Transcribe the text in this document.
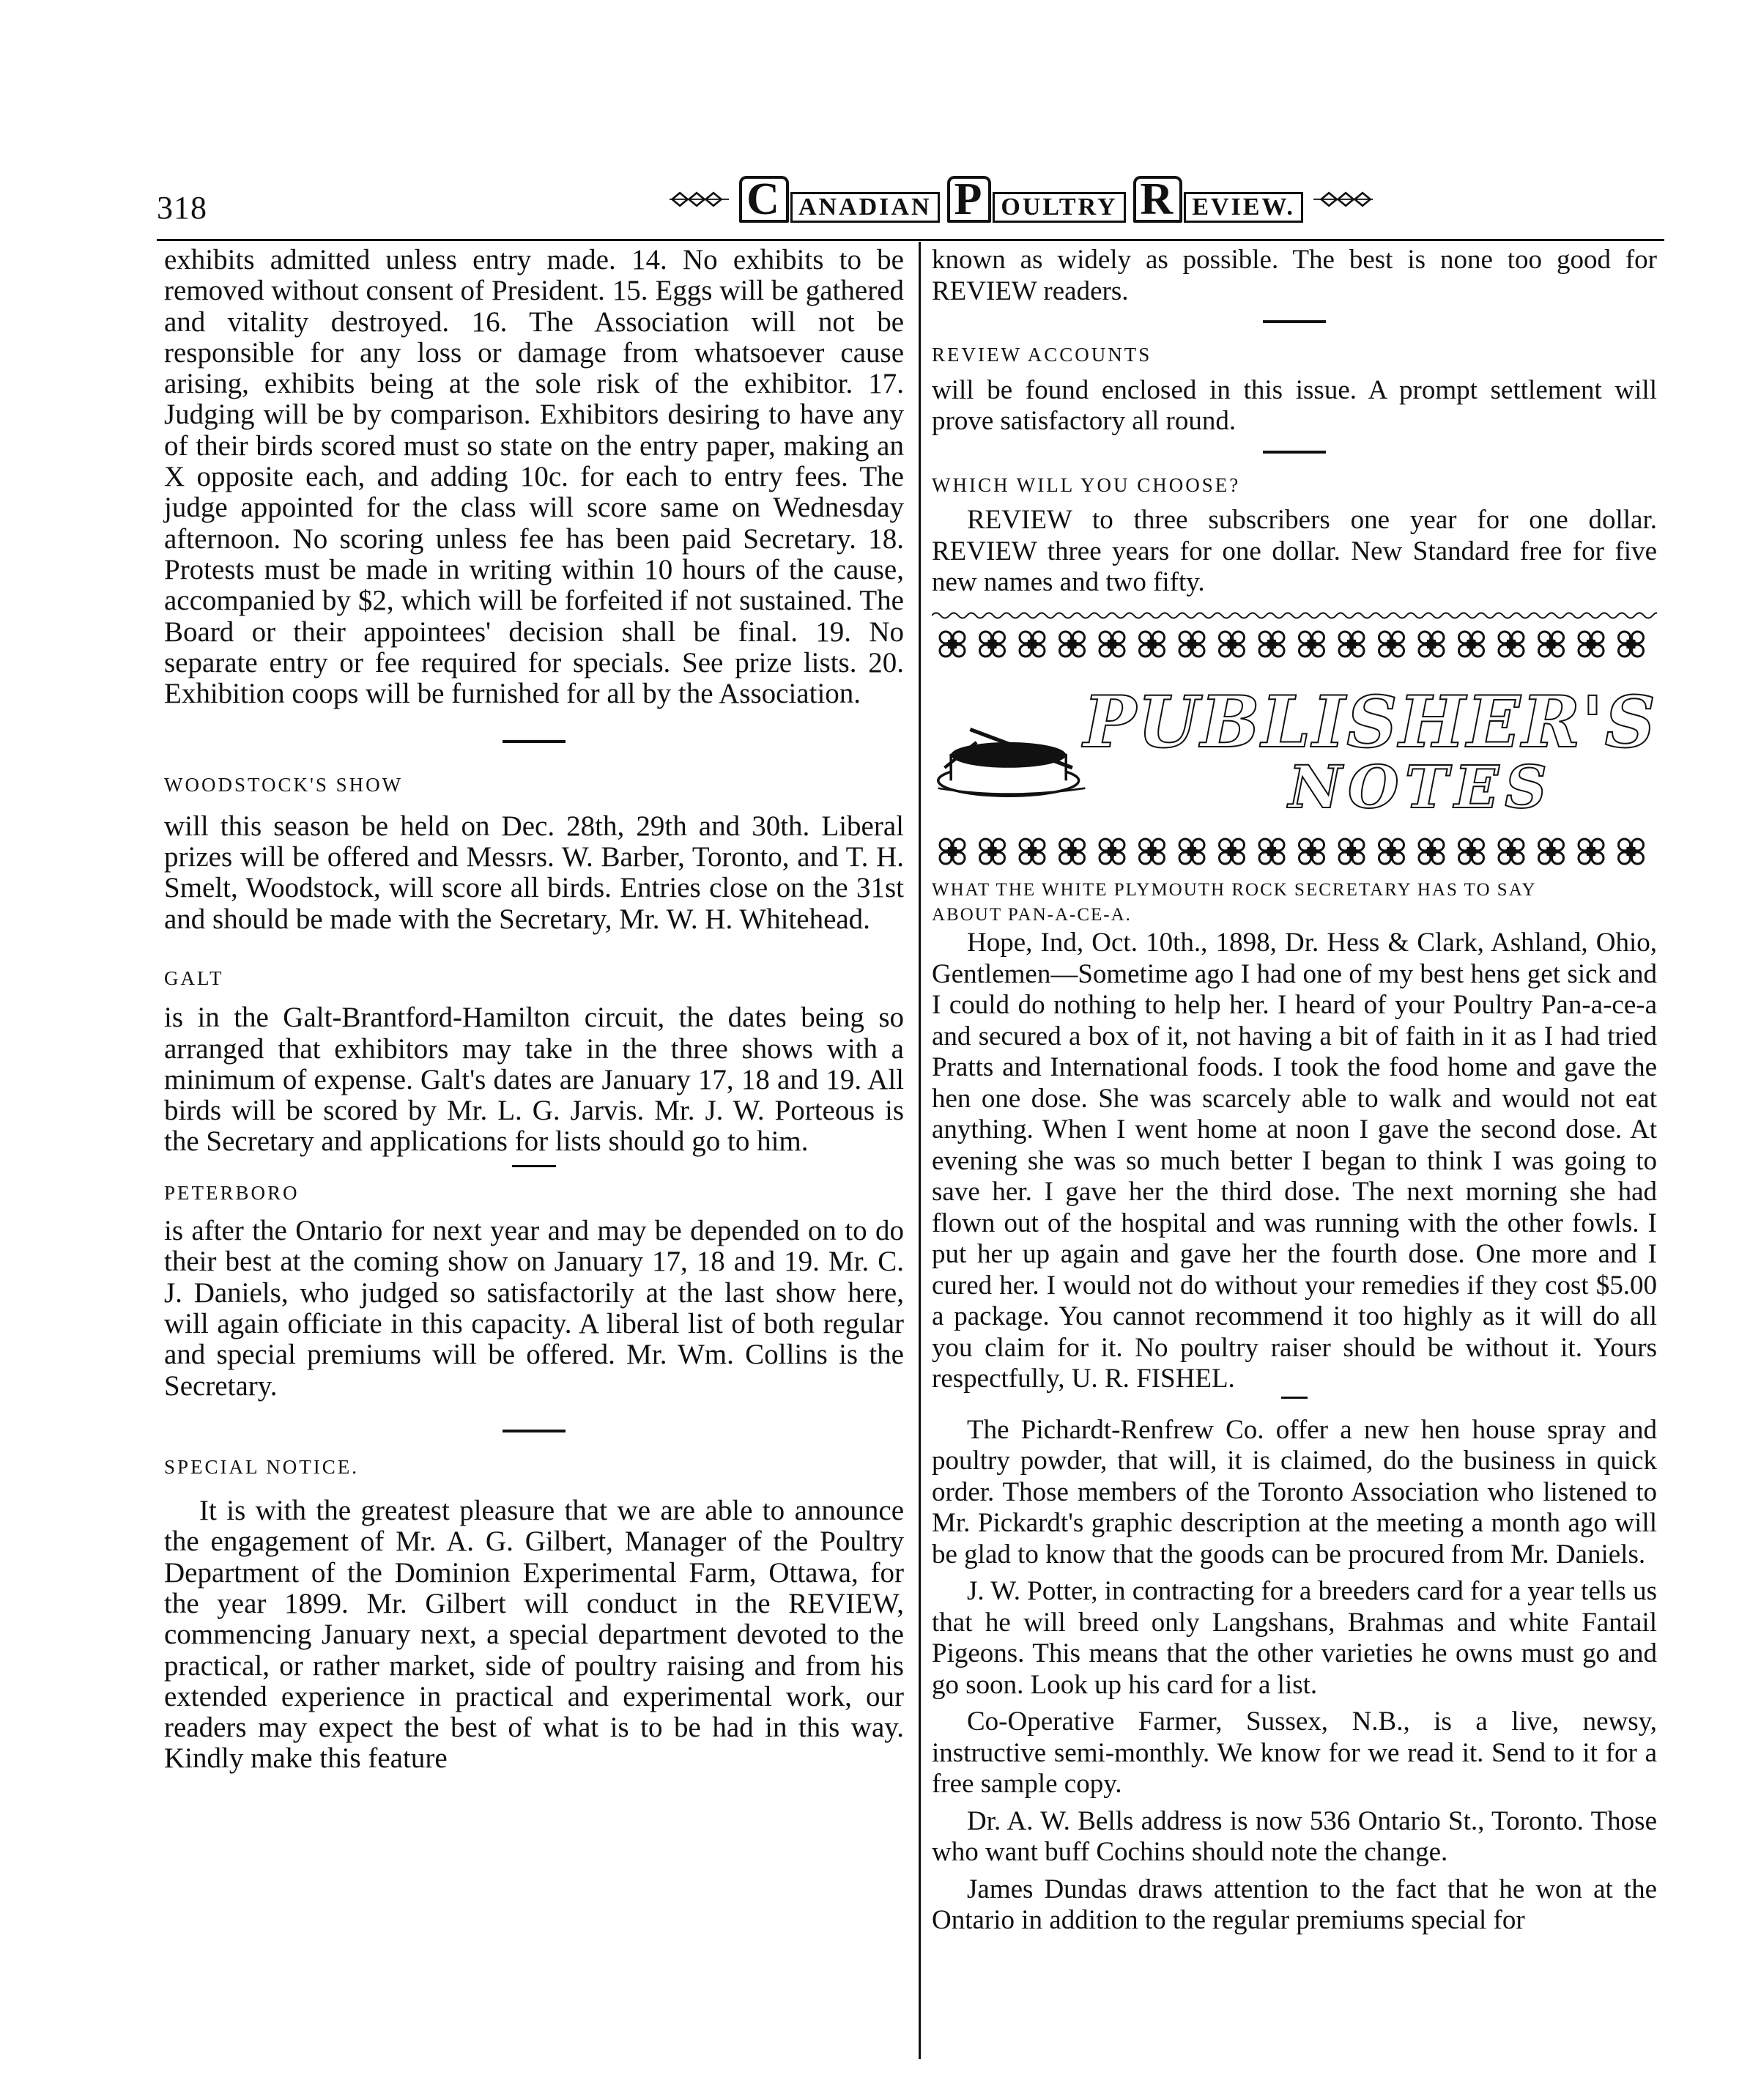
318	C ANADIAN P OULTRY R EVIEW.

exhibits admitted unless entry made. 14. No exhibits to be removed without consent of President. 15. Eggs will be gathered and vitality destroyed. 16. The Association will not be responsible for any loss or damage from whatsoever cause arising, exhibits being at the sole risk of the exhibitor. 17. Judging will be by comparison. Exhibitors desiring to have any of their birds scored must so state on the entry paper, making an X opposite each, and adding 10c. for each to entry fees. The judge appointed for the class will score same on Wednesday afternoon. No scoring unless fee has been paid Secretary. 18. Protests must be made in writing within 10 hours of the cause, accompanied by $2, which will be forfeited if not sustained. The Board or their appointees' decision shall be final. 19. No separate entry or fee required for specials. See prize lists. 20. Exhibition coops will be furnished for all by the Association.

WOODSTOCK'S SHOW

will this season be held on Dec. 28th, 29th and 30th. Liberal prizes will be offered and Messrs. W. Barber, Toronto, and T. H. Smelt, Woodstock, will score all birds. Entries close on the 31st and should be made with the Secretary, Mr. W. H. Whitehead.

GALT

is in the Galt-Brantford-Hamilton circuit, the dates being so arranged that exhibitors may take in the three shows with a minimum of expense. Galt's dates are January 17, 18 and 19. All birds will be scored by Mr. L. G. Jarvis. Mr. J. W. Porteous is the Secretary and applications for lists should go to him.

PETERBORO

is after the Ontario for next year and may be depended on to do their best at the coming show on January 17, 18 and 19. Mr. C. J. Daniels, who judged so satisfactorily at the last show here, will again officiate in this capacity. A liberal list of both regular and special premiums will be offered. Mr. Wm. Collins is the Secretary.

SPECIAL NOTICE.

It is with the greatest pleasure that we are able to announce the engagement of Mr. A. G. Gilbert, Manager of the Poultry Department of the Dominion Experimental Farm, Ottawa, for the year 1899. Mr. Gilbert will conduct in the REVIEW, commencing January next, a special department devoted to the practical, or rather market, side of poultry raising and from his extended experience in practical and experimental work, our readers may expect the best of what is to be had in this way. Kindly make this feature

known as widely as possible. The best is none too good for REVIEW readers.

REVIEW ACCOUNTS

will be found enclosed in this issue. A prompt settlement will prove satisfactory all round.

WHICH WILL YOU CHOOSE?

REVIEW to three subscribers one year for one dollar. REVIEW three years for one dollar. New Standard free for five new names and two fifty.

PUBLISHER'S
NOTES

WHAT THE WHITE PLYMOUTH ROCK SECRETARY HAS TO SAY

ABOUT PAN-A-CE-A.

Hope, Ind, Oct. 10th., 1898, Dr. Hess & Clark, Ashland, Ohio, Gentlemen—Sometime ago I had one of my best hens get sick and I could do nothing to help her. I heard of your Poultry Pan-a-ce-a and secured a box of it, not having a bit of faith in it as I had tried Pratts and International foods. I took the food home and gave the hen one dose. She was scarcely able to walk and would not eat anything. When I went home at noon I gave the second dose. At evening she was so much better I began to think I was going to save her. I gave her the third dose. The next morning she had flown out of the hospital and was running with the other fowls. I put her up again and gave her the fourth dose. One more and I cured her. I would not do without your remedies if they cost $5.00 a package. You cannot recommend it too highly as it will do all you claim for it. No poultry raiser should be without it. Yours respectfully, U. R. FISHEL.

The Pichardt-Renfrew Co. offer a new hen house spray and poultry powder, that will, it is claimed, do the business in quick order. Those members of the Toronto Association who listened to Mr. Pickardt's graphic description at the meeting a month ago will be glad to know that the goods can be procured from Mr. Daniels.

J. W. Potter, in contracting for a breeders card for a year tells us that he will breed only Langshans, Brahmas and white Fantail Pigeons. This means that the other varieties he owns must go and go soon. Look up his card for a list.

Co-Operative Farmer, Sussex, N.B., is a live, newsy, instructive semi-monthly. We know for we read it. Send to it for a free sample copy.

Dr. A. W. Bells address is now 536 Ontario St., Toronto. Those who want buff Cochins should note the change.

James Dundas draws attention to the fact that he won at the Ontario in addition to the regular premiums special for
